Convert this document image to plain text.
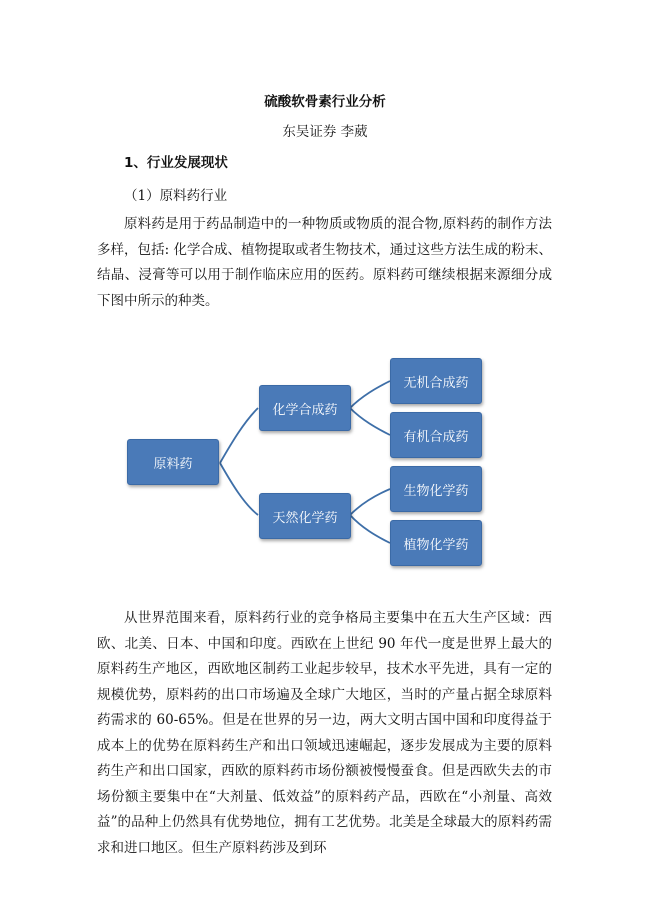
硫酸软骨素行业分析
东吴证券 李葳
1、行业发展现状
（1）原料药行业

原料药是用于药品制造中的一种物质或物质的混合物,原料药的制作方法多样，包括: 化学合成、植物提取或者生物技术，通过这些方法生成的粉末、结晶、浸膏等可以用于制作临床应用的医药。原料药可继续根据来源细分成下图中所示的种类。

原料药
化学合成药
天然化学药
无机合成药
有机合成药
生物化学药
植物化学药

从世界范围来看，原料药行业的竞争格局主要集中在五大生产区域：西欧、北美、日本、中国和印度。西欧在上世纪 90 年代一度是世界上最大的原料药生产地区，西欧地区制药工业起步较早，技术水平先进，具有一定的规模优势，原料药的出口市场遍及全球广大地区，当时的产量占据全球原料药需求的 60-65%。但是在世界的另一边，两大文明古国中国和印度得益于成本上的优势在原料药生产和出口领域迅速崛起，逐步发展成为主要的原料药生产和出口国家，西欧的原料药市场份额被慢慢蚕食。但是西欧失去的市场份额主要集中在“大剂量、低效益”的原料药产品，西欧在“小剂量、高效益”的品种上仍然具有优势地位，拥有工艺优势。北美是全球最大的原料药需求和进口地区。但生产原料药涉及到环
